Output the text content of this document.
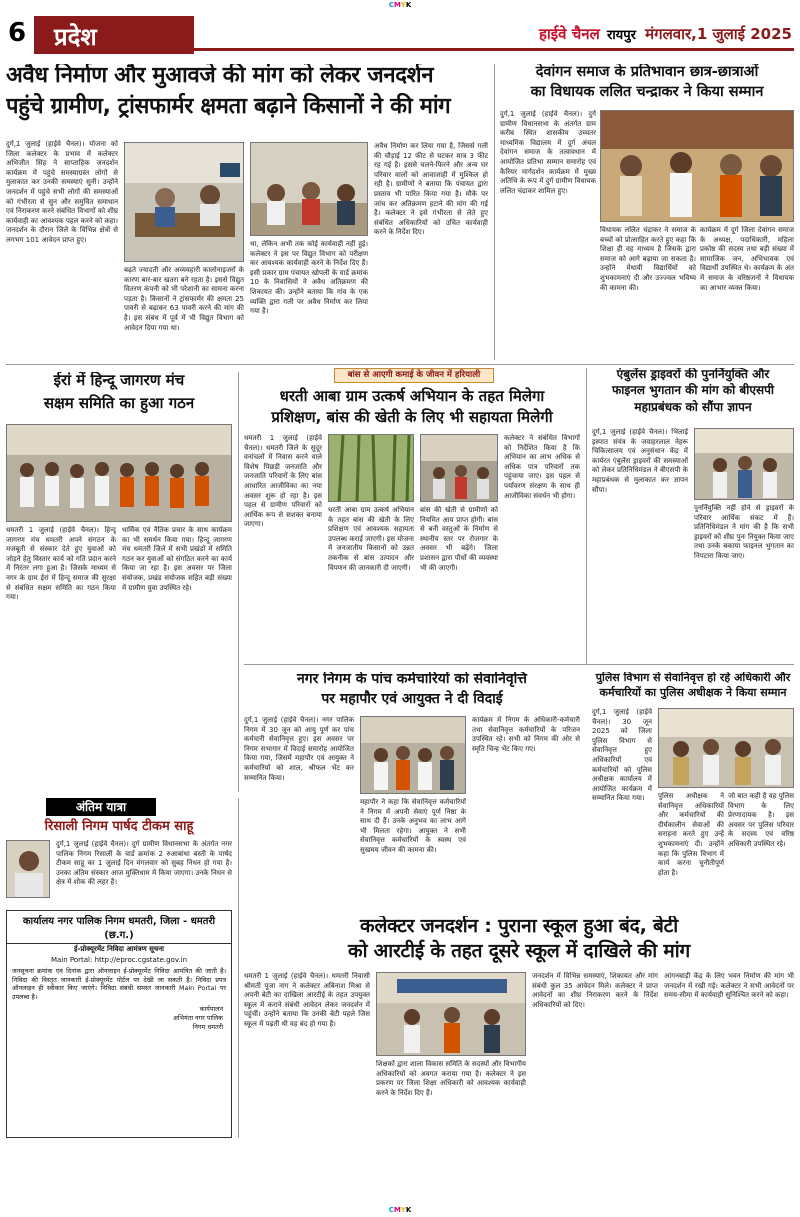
CMYK
6 प्रदेश	हाईवे चैनल रायपुर मंगलवार,1 जुलाई 2025
अवैध निर्माण और मुआवजे की मांग को लेकर जनदर्शन
पहुंचे ग्रामीण, ट्रांसफार्मर क्षमता बढ़ाने किसानों ने की मांग
दुर्ग,1 जुलाई (हाईवे चैनल)। योजना को जिला कलेक्टर के प्रभाव में कलेक्टर अभिजीत सिंह ने साप्ताहिक जनदर्शन कार्यक्रम में पहुंचे समस्याग्रस्त लोगों से मुलाकात कर उनकी समस्याएं सुनी। उन्होंने जनदर्शन में पहुंचे सभी लोगों की समस्याओं को गंभीरता से सुन और समुचित समाधान एवं निराकरण करने संबंधित विभागों को शीघ्र कार्यवाही का आवश्यक पहल करने को कहा। जनदर्शन के दौरान जिले के विभिन्न क्षेत्रों से लगभग 101 आवेदन प्राप्त हुए।
बढ़ते ज्यादती और अव्यवहारी कालोनाइजरों के कारण बार-बार खतरा बने रहता है। इससे विद्युत वितरण कंपनी को भी परेशानी का सामना करना पड़ता है। किसानों ने ट्रांसफार्मर की क्षमता 25 पावरी से बढ़ाकर 63 पावरी करने की मांग की है। इस संबंध में पूर्व में भी विद्युत विभाग को आवेदन दिया गया था।
था, लेकिन अभी तक कोई कार्यवाही नहीं हुई। कलेक्टर ने इस पर विद्युत विभाग को परीक्षण कर आवश्यक कार्यवाही करने के निर्देश दिए हैं। इसी प्रकार ग्राम पंचायत खोपली के वार्ड क्रमांक 10 के निवासियों ने अवैध अतिक्रमण की शिकायत की। उन्होंने बताया कि गांव के एक व्यक्ति द्वारा गली पर अवैध निर्माण कर लिया गया है।
अवैध निर्माण कर लिया गया है, जिससे गली की चौड़ाई 12 फीट से घटकर मात्र 3 फीट रह गई है। इससे चलने-फिरने और अन्य घर परिवार वालों को आवाजाही में मुश्किल हो रही है। ग्रामीणों ने बताया कि पंचायत द्वारा प्रस्ताव भी पारित किया गया है। मौके पर जांच कर अतिक्रमण हटाने की मांग की गई है। कलेक्टर ने इसे गंभीरता से लेते हुए संबंधित अधिकारियों को उचित कार्यवाही करने के निर्देश दिए।
देवांगन समाज के प्रतिभावान छात्र-छात्राओं
का विधायक ललित चन्द्राकर ने किया सम्मान
दुर्ग,1 जुलाई (हाईवे चैनल)। दुर्ग ग्रामीण विधानसभा के अंतर्गत ग्राम करीब स्थित शासकीय उच्चतर माध्यमिक विद्यालय में दुर्ग अंचल देवांगन समाज के तत्वावधान में आयोजित प्रतिभा सम्मान समारोह एवं कैरियर मार्गदर्शन कार्यक्रम में मुख्य अतिथि के रूप में दुर्ग ग्रामीण विधायक ललित चंद्राकर शामिल हुए।
विधायक ललित चंद्राकर ने समाज के बच्चों को प्रोत्साहित करते हुए कहा कि शिक्षा ही वह माध्यम है जिसके द्वारा समाज को आगे बढ़ाया जा सकता है। उन्होंने मेधावी विद्यार्थियों को शुभकामनाएं दी और उज्ज्वल भविष्य की कामना की।
कार्यक्रम में दुर्ग जिला देवांगन समाज के अध्यक्ष, पदाधिकारी, महिला प्रकोष्ठ की सदस्य तथा बड़ी संख्या में सामाजिक जन, अभिभावक एवं विद्यार्थी उपस्थित थे। कार्यक्रम के अंत में समाज के वरिष्ठजनों ने विधायक का आभार व्यक्त किया।
ईरां में हिन्दू जागरण मंच
सक्षम समिति का हुआ गठन
धमतरी 1 जुलाई (हाईवे चैनल)। हिन्दू जागरण मंच धमतरी अपने संगठन के मजबूती से संस्कार देते हुए युवाओं को जोड़ने हेतु विस्तार कार्य को गति प्रदान करने में निरंतर लगा हुआ है। जिसके माध्यम से नगर के ग्राम ईरां में हिन्दू समाज की सुरक्षा से संबंधित सक्षम समिति का गठन किया गया।
धार्मिक एवं नैतिक प्रचार के साथ कार्यक्रम का भी समर्थन किया गया। हिन्दू जागरण मंच धमतरी जिले में सभी प्रखंडों में समिति गठन कर युवाओं को संगठित करने का कार्य किया जा रहा है। इस अवसर पर जिला संयोजक, प्रखंड संयोजक सहित बड़ी संख्या में ग्रामीण युवा उपस्थित रहे।
बांस से आएगी कमाई के जीवन में हरियाली
धरती आबा ग्राम उत्कर्ष अभियान के तहत मिलेगा
प्रशिक्षण, बांस की खेती के लिए भी सहायता मिलेगी
धमतरी 1 जुलाई (हाईवे चैनल)। धमतरी जिले के सुदूर वनांचलों में निवास करने वाले विशेष पिछड़ी जनजाति और जनजाति परिवारों के लिए बांस आधारित आजीविका का नया अवसर शुरू हो रहा है। इस पहल से ग्रामीण परिवारों को आर्थिक रूप से सशक्त बनाया जाएगा।
धरती आबा ग्राम उत्कर्ष अभियान के तहत बांस की खेती के लिए प्रशिक्षण एवं आवश्यक सहायता उपलब्ध कराई जाएगी। इस योजना में जनजातीय किसानों को उन्नत तकनीक से बांस उत्पादन और विपणन की जानकारी दी जाएगी।
बांस की खेती से ग्रामीणों को नियमित आय प्राप्त होगी। बांस से बनी वस्तुओं के निर्माण से स्थानीय स्तर पर रोजगार के अवसर भी बढ़ेंगे। जिला प्रशासन द्वारा पौधों की व्यवस्था भी की जाएगी।
कलेक्टर ने संबंधित विभागों को निर्देशित किया है कि अभियान का लाभ अधिक से अधिक पात्र परिवारों तक पहुंचाया जाए। इस पहल से पर्यावरण संरक्षण के साथ ही आजीविका संवर्धन भी होगा।
एंबुलेंस ड्राइवरों की पुनर्नियुक्ति और
फाइनल भुगतान की मांग को बीएसपी
महाप्रबंधक को सौंपा ज्ञापन
दुर्ग,1 जुलाई (हाईवे चैनल)। भिलाई इस्पात संयंत्र के जवाहरलाल नेहरू चिकित्सालय एवं अनुसंधान केंद्र में कार्यरत एंबुलेंस ड्राइवरों की समस्याओं को लेकर प्रतिनिधिमंडल ने बीएसपी के महाप्रबंधक से मुलाकात कर ज्ञापन सौंपा।
पुनर्नियुक्ति नहीं होने से ड्राइवरों के परिवार आर्थिक संकट में हैं। प्रतिनिधिमंडल ने मांग की है कि सभी ड्राइवरों को शीघ्र पुनः नियुक्त किया जाए तथा उनके बकाया फाइनल भुगतान का निपटारा किया जाए।
नगर निगम के पांच कर्मचारियों को सेवानिवृत्ति
पर महापौर एवं आयुक्त ने दी विदाई
दुर्ग,1 जुलाई (हाईवे चैनल)। नगर पालिक निगम में 30 जून को आयु पूर्ण कर पांच कर्मचारी सेवानिवृत्त हुए। इस अवसर पर निगम सभागार में विदाई समारोह आयोजित किया गया, जिसमें महापौर एवं आयुक्त ने कर्मचारियों को शाल, श्रीफल भेंट कर सम्मानित किया।
महापौर ने कहा कि सेवानिवृत्त कर्मचारियों ने निगम में अपनी सेवाएं पूर्ण निष्ठा के साथ दी हैं। उनके अनुभव का लाभ आगे भी मिलता रहेगा। आयुक्त ने सभी सेवानिवृत्त कर्मचारियों के स्वस्थ एवं सुखमय जीवन की कामना की।
कार्यक्रम में निगम के अधिकारी-कर्मचारी तथा सेवानिवृत्त कर्मचारियों के परिजन उपस्थित रहे। सभी को निगम की ओर से स्मृति चिन्ह भेंट किए गए।
पुलिस विभाग से सेवानिवृत्त हो रहे अधिकारी और
कर्मचारियों का पुलिस अधीक्षक ने किया सम्मान
दुर्ग,1 जुलाई (हाईवे चैनल)। 30 जून 2025 को जिला पुलिस विभाग से सेवानिवृत्त हुए अधिकारियों एवं कर्मचारियों को पुलिस अधीक्षक कार्यालय में आयोजित कार्यक्रम में सम्मानित किया गया।	पुलिस अधीक्षक ने सेवानिवृत्त अधिकारियों और कर्मचारियों की दीर्घकालीन सेवाओं की सराहना करते हुए उन्हें शुभकामनाएं दी। उन्होंने कहा कि पुलिस विभाग में कार्य करना चुनौतीपूर्ण होता है।
जो बात कही है वह पुलिस विभाग के लिए प्रेरणादायक है। इस अवसर पर पुलिस परिवार के सदस्य एवं वरिष्ठ अधिकारी उपस्थित रहे।
अंतिम यात्रा
रिसाली निगम पार्षद टीकम साहू
दुर्ग,1 जुलाई (हाईवे चैनल)। दुर्ग ग्रामीण विधानसभा के अंतर्गत नगर पालिक निगम रिसाली के वार्ड क्रमांक 2 रुआबांधा बस्ती के पार्षद टीकम साहू का 1 जुलाई दिन मंगलवार को सुबह निधन हो गया है। उनका अंतिम संस्कार आज मुक्तिधाम में किया जाएगा। उनके निधन से क्षेत्र में शोक की लहर है।
कार्यालय नगर पालिक निगम धमतरी, जिला - धमतरी (छ.ग.)
ई-प्रोक्यूरमेंट निविदा आमंत्रण सूचना
Main Portal: http://eproc.cgstate.gov.in
जनसूचना क्रमांक एवं दिनांक द्वारा ऑनलाइन ई-प्रोक्यूरमेंट निविदा आमंत्रित की जाती है। निविदा की विस्तृत जानकारी ई-प्रोक्यूरमेंट पोर्टल पर देखी जा सकती है। निविदा प्रपत्र ऑनलाइन ही स्वीकार किए जाएंगे। निविदा संबंधी समस्त जानकारी Main Portal पर उपलब्ध है।
कार्यपालन
अभियंता नगर पालिक
निगम धमतरी
कलेक्टर जनदर्शन : पुराना स्कूल हुआ बंद, बेटी
को आरटीई के तहत दूसरे स्कूल में दाखिले की मांग
धमतरी 1 जुलाई (हाईवे चैनल)। धमतरी निवासी श्रीमती पूजा नाग ने कलेक्टर अबिनाश मिश्रा से अपनी बेटी का दाखिला आरटीई के तहत उपयुक्त स्कूल में कराने संबंधी आवेदन लेकर जनदर्शन में पहुंचीं। उन्होंने बताया कि उनकी बेटी पहले जिस स्कूल में पढ़ती थी वह बंद हो गया है।
शिक्षकों द्वारा शाला विकास समिति के सदस्यों और विभागीय अधिकारियों को अवगत कराया गया है। कलेक्टर ने इस प्रकरण पर जिला शिक्षा अधिकारी को आवश्यक कार्यवाही करने के निर्देश दिए हैं।
जनदर्शन में विभिन्न समस्याएं, शिकायत और मांग संबंधी कुल 35 आवेदन मिले। कलेक्टर ने प्राप्त आवेदनों का शीघ्र निराकरण करने के निर्देश अधिकारियों को दिए।
आंगनबाड़ी केंद्र के लिए भवन निर्माण की मांग भी जनदर्शन में रखी गई। कलेक्टर ने सभी आवेदनों पर समय-सीमा में कार्यवाही सुनिश्चित करने को कहा।
CMYK
